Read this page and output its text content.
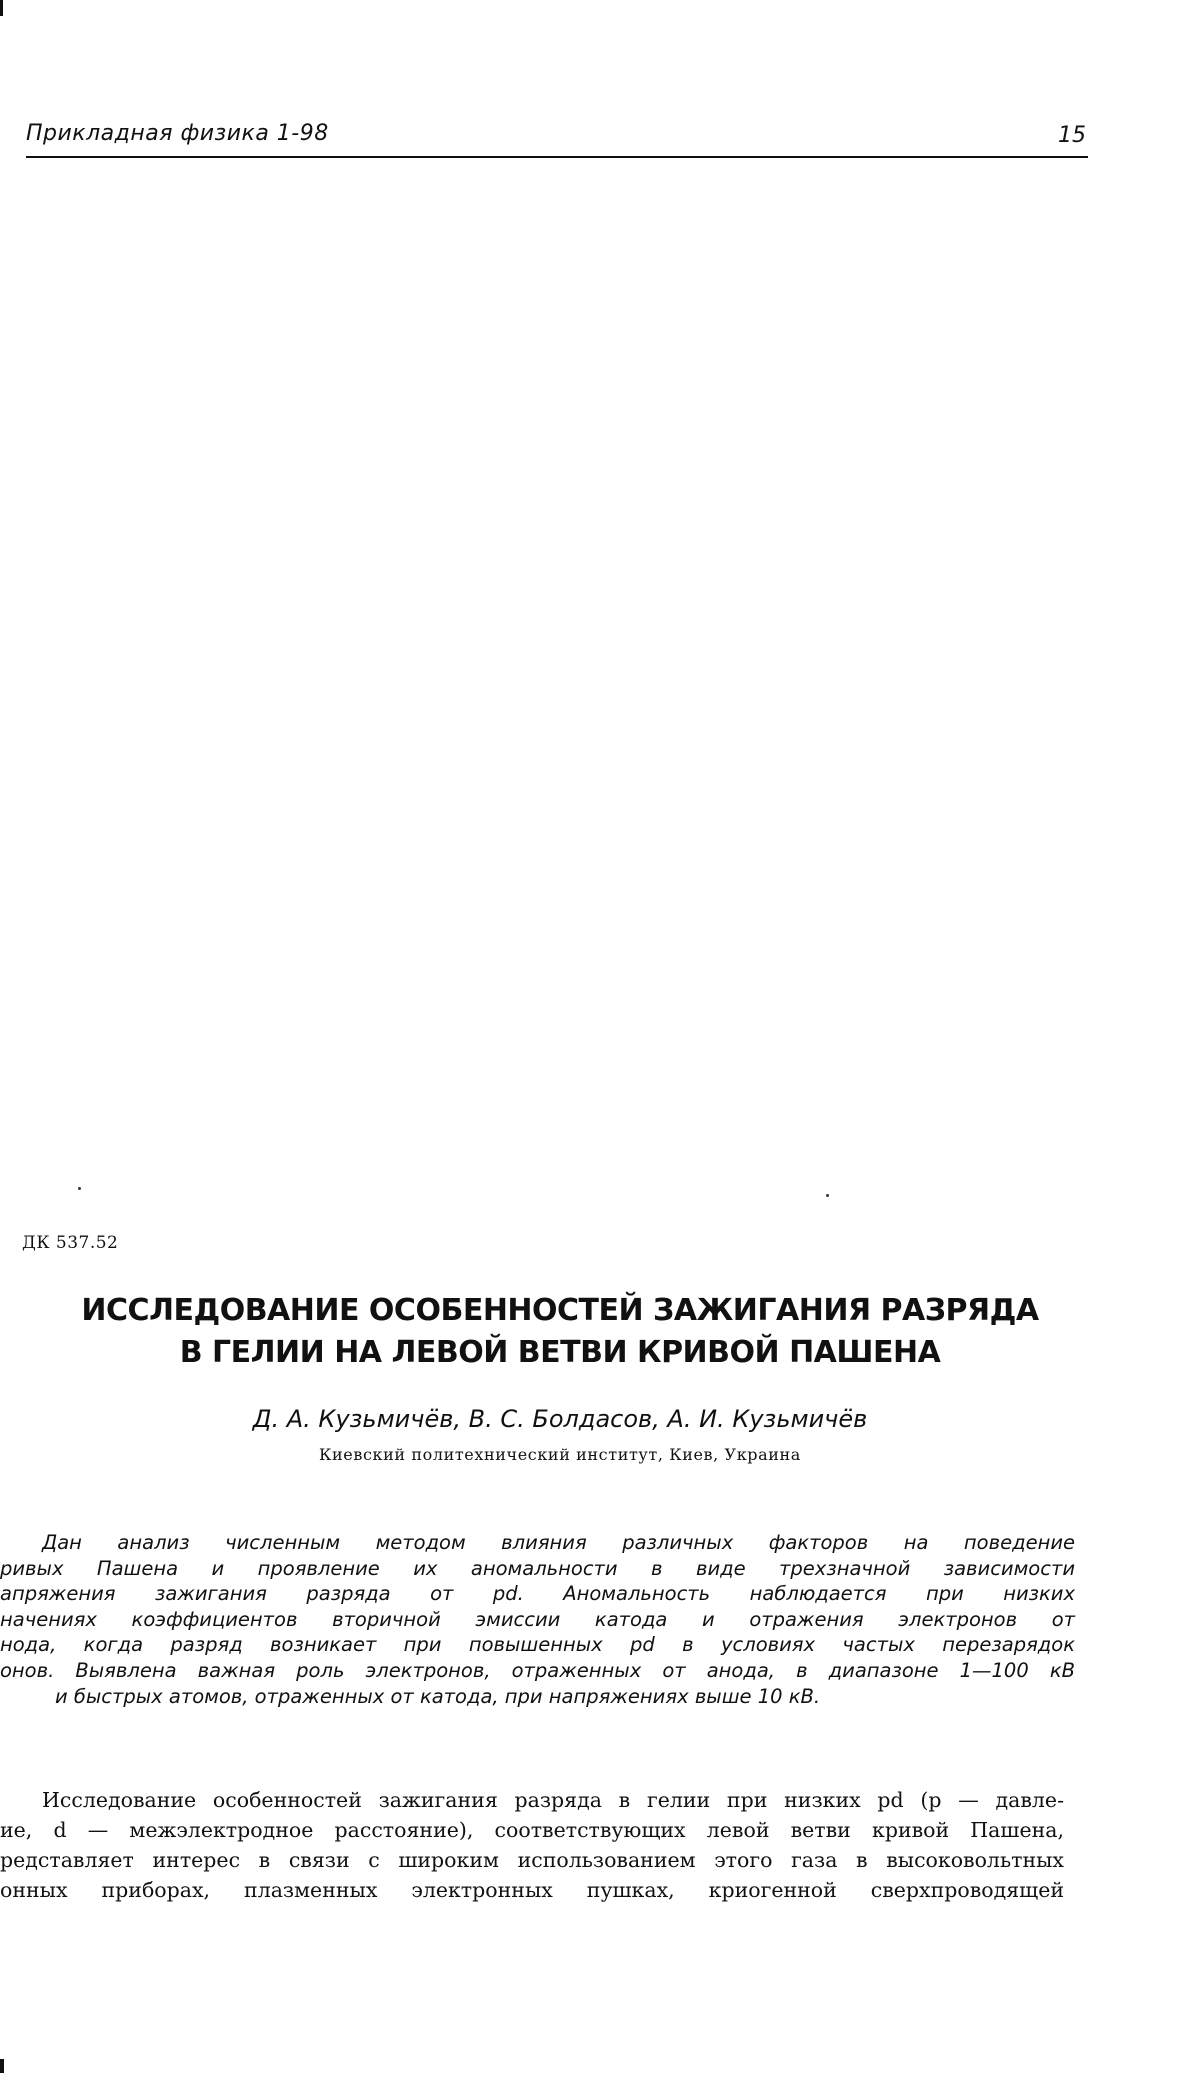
Прикладная физика 1-98	15
ДК 537.52
ИССЛЕДОВАНИЕ ОСОБЕННОСТЕЙ ЗАЖИГАНИЯ РАЗРЯДА
В ГЕЛИИ НА ЛЕВОЙ ВЕТВИ КРИВОЙ ПАШЕНА
Д. А. Кузьмичёв, В. С. Болдасов, А. И. Кузьмичёв
Киевский политехнический институт, Киев, Украина
Дан анализ численным методом влияния различных факторов на поведение
ривых Пашена и проявление их аномальности в виде трехзначной зависимости
апряжения зажигания разряда от pd. Аномальность наблюдается при низких
начениях коэффициентов вторичной эмиссии катода и отражения электронов от
нода, когда разряд возникает при повышенных pd в условиях частых перезарядок
онов. Выявлена важная роль электронов, отраженных от анода, в диапазоне 1—100 кВ
и быстрых атомов, отраженных от катода, при напряжениях выше 10 кВ.
Исследование особенностей зажигания разряда в гелии при низких pd (p — давле-
ие, d — межэлектродное расстояние), соответствующих левой ветви кривой Пашена,
редставляет интерес в связи с широким использованием этого газа в высоковольтных
онных приборах, плазменных электронных пушках, криогенной сверхпроводящей
